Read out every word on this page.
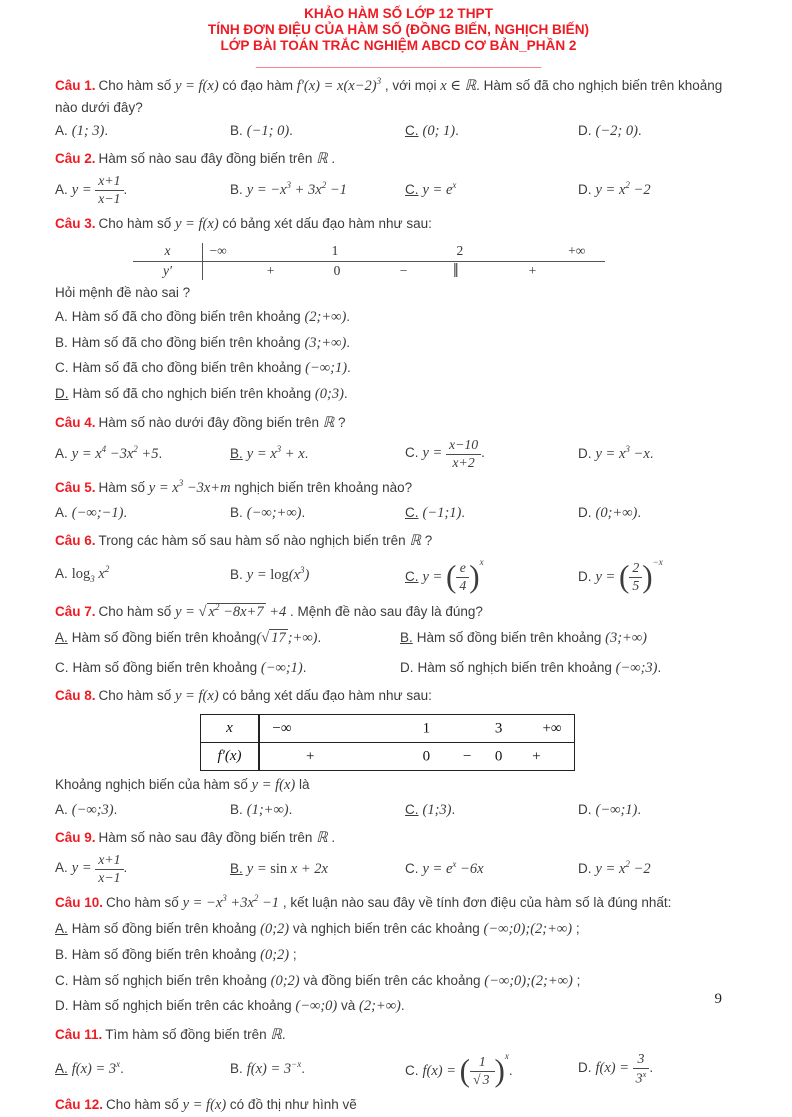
KHẢO HÀM SỐ LỚP 12 THPT
TÍNH ĐƠN ĐIỆU CỦA HÀM SỐ (ĐỒNG BIẾN, NGHỊCH BIẾN)
LỚP BÀI TOÁN TRẮC NGHIỆM ABCD CƠ BẢN_PHẦN 2
______________________________________

Câu 1. Cho hàm số y = f(x) có đạo hàm $f'(x) = x(x-2)^3$ , với mọi x ∈ ℝ. Hàm số đã cho nghịch biến trên khoảng nào dưới đây?

A. (1; 3).	B. (−1; 0).	C. (0; 1).	D. (−2; 0).

Câu 2. Hàm số nào sau đây đồng biến trên ℝ .

A. $y = \frac{x+1}{x-1}$ .	B. $y = -x^3 + 3x^2 -1$	C. $y = e^x$	D. $y = x^2 -2$

Câu 3. Cho hàm số y = f(x) có bảng xét dấu đạo hàm như sau:

x	−∞	1	2	+∞
y′	+	0	−	‖	+

Hỏi mệnh đề nào sai ?

A. Hàm số đã cho đồng biến trên khoảng (2;+∞).
B. Hàm số đã cho đồng biến trên khoảng (3;+∞).
C. Hàm số đã cho đồng biến trên khoảng (−∞;1).
D. Hàm số đã cho nghịch biến trên khoảng (0;3).

Câu 4. Hàm số nào dưới đây đồng biến trên ℝ ?

A. $y = x^4 -3x^2 +5$.	B. $y = x^3 + x$.	C. $y = \frac{x-10}{x+2}$ .	D. $y = x^3 -x$.

Câu 5. Hàm số $y = x^3 -3x+m$ nghịch biến trên khoảng nào?

A. (−∞;−1).	B. (−∞;+∞).	C. (−1;1).	D. (0;+∞).

Câu 6. Trong các hàm số sau hàm số nào nghịch biến trên ℝ ?

A. $\log_3 x^2$	B. $y = \log(x^3)$	C. y = ( $\frac{e}{4}$ ) $^x$
D. y = ( $\frac{2}{5}$ ) $^{-x}$

Câu 7. Cho hàm số y = √ $x^2 -8x+7 +4$ . Mệnh đề nào sau đây là đúng?

A. Hàm số đồng biến trên khoảng(√ 17 ;+∞).	B. Hàm số đồng biến trên khoảng (3;+∞)
C. Hàm số đồng biến trên khoảng (−∞;1).	D. Hàm số nghịch biến trên khoảng (−∞;3).

Câu 8. Cho hàm số y = f(x) có bảng xét dấu đạo hàm như sau:

x	−∞	1	3	+∞
f′(x)	+	0 − 0 +

Khoảng nghịch biến của hàm số y = f(x) là

A. (−∞;3).	B. (1;+∞).	C. (1;3).	D. (−∞;1).

Câu 9. Hàm số nào sau đây đồng biến trên ℝ .

A. $y = \frac{x+1}{x-1}$ .	B. y = sin x + 2x	C. $y = e^x -6x$	D. $y = x^2 -2$

Câu 10. Cho hàm số $y = -x^3 +3x^2 -1$ , kết luận nào sau đây về tính đơn điệu của hàm số là đúng nhất:

A. Hàm số đồng biến trên khoảng (0;2) và nghịch biến trên các khoảng (−∞;0);(2;+∞) ;
B. Hàm số đồng biến trên khoảng (0;2) ;
C. Hàm số nghịch biến trên khoảng (0;2) và đồng biến trên các khoảng (−∞;0);(2;+∞) ;
D. Hàm số nghịch biến trên các khoảng (−∞;0) và (2;+∞).

Câu 11. Tìm hàm số đồng biến trên ℝ.

A. $f(x) = 3^x$.	B. $f(x) = 3^{-x}$.	C. f(x) = ( $\frac{1}{√ 3}$ ) $^x$.	D. $f(x) = \frac{3}{3^x}$ .

Câu 12. Cho hàm số y = f(x) có đồ thị như hình vẽ

9
